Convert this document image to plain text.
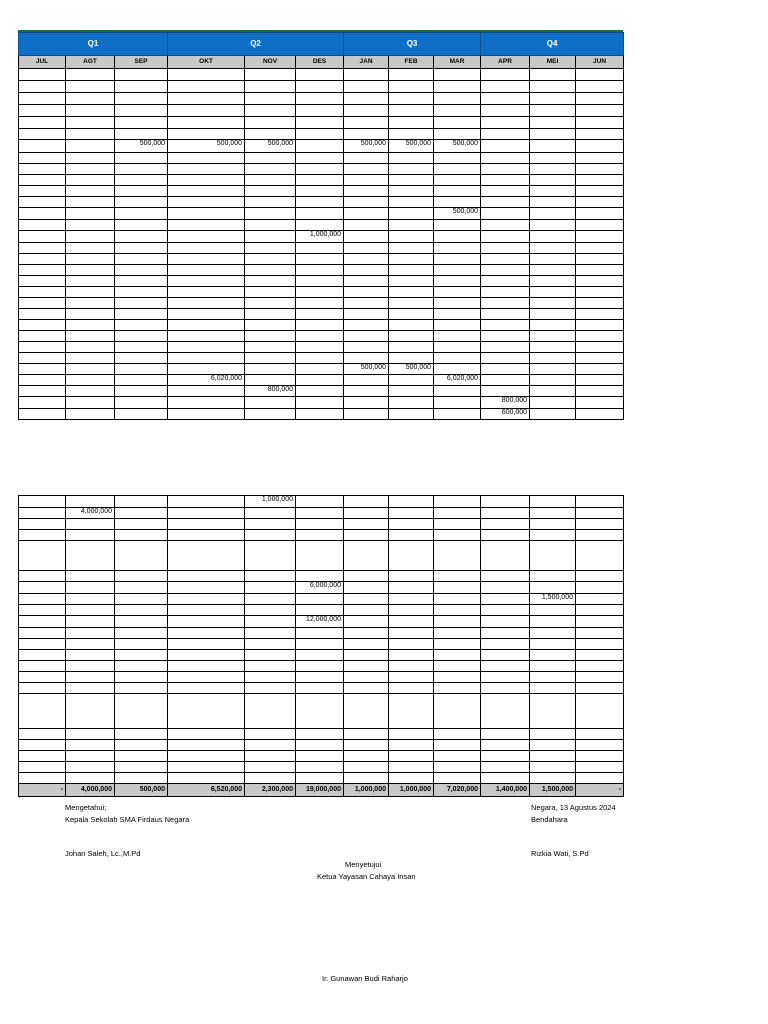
Q1			Q2			Q3			Q4		
JUL	AGT	SEP	OKT	NOV	DES	JAN	FEB	MAR	APR	MEI	JUN

		500,000	500,000	500,000		500,000	500,000	500,000			

								500,000			

					1,000,000						

						500,000	500,000				
			6,020,000					6,020,000			
				800,000							
									800,000		
									600,000		
				1,000,000							
	4,000,000										

					6,000,000						
										1,500,000	

					12,000,000						

-	4,000,000	500,000	6,520,000	2,300,000	19,000,000	1,000,000	1,000,000	7,020,000	1,400,000	1,500,000	-
Mengetahui;
Kepala Sekolah SMA Firdaus Negara
Johan Saleh, Lc.,M.Pd
Negara, 13 Agustus 2024
Bendahara
Rizkia Wati, S.Pd
Menyetujui
Ketua Yayasan Cahaya Insan
Ir. Gunawan Budi Raharjo
